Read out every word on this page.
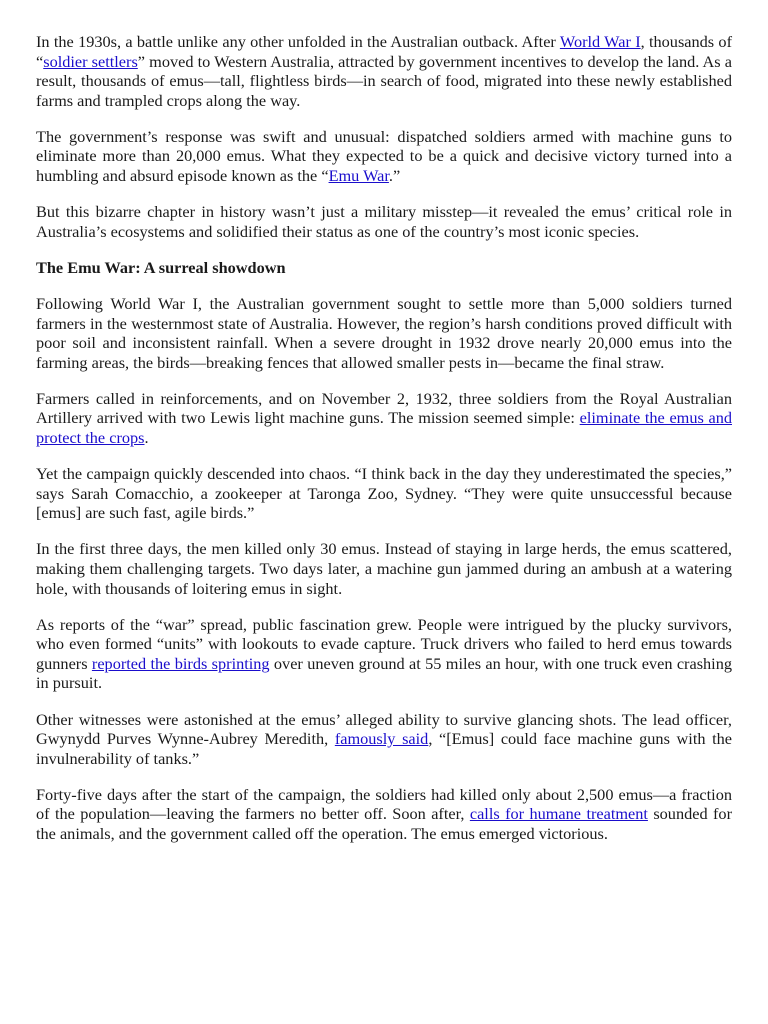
In the 1930s, a battle unlike any other unfolded in the Australian outback. After World War I, thousands of “soldier settlers” moved to Western Australia, attracted by government incentives to develop the land. As a result, thousands of emus—tall, flightless birds—in search of food, migrated into these newly established farms and trampled crops along the way.

The government’s response was swift and unusual: dispatched soldiers armed with machine guns to eliminate more than 20,000 emus. What they expected to be a quick and decisive victory turned into a humbling and absurd episode known as the “Emu War.”

But this bizarre chapter in history wasn’t just a military misstep—it revealed the emus’ critical role in Australia’s ecosystems and solidified their status as one of the country’s most iconic species.

The Emu War: A surreal showdown

Following World War I, the Australian government sought to settle more than 5,000 soldiers turned farmers in the westernmost state of Australia. However, the region’s harsh conditions proved difficult with poor soil and inconsistent rainfall. When a severe drought in 1932 drove nearly 20,000 emus into the farming areas, the birds—breaking fences that allowed smaller pests in—became the final straw.

Farmers called in reinforcements, and on November 2, 1932, three soldiers from the Royal Australian Artillery arrived with two Lewis light machine guns. The mission seemed simple: eliminate the emus and protect the crops.

Yet the campaign quickly descended into chaos. “I think back in the day they underestimated the species,” says Sarah Comacchio, a zookeeper at Taronga Zoo, Sydney. “They were quite unsuccessful because [emus] are such fast, agile birds.”

In the first three days, the men killed only 30 emus. Instead of staying in large herds, the emus scattered, making them challenging targets. Two days later, a machine gun jammed during an ambush at a watering hole, with thousands of loitering emus in sight.

As reports of the “war” spread, public fascination grew. People were intrigued by the plucky survivors, who even formed “units” with lookouts to evade capture. Truck drivers who failed to herd emus towards gunners reported the birds sprinting over uneven ground at 55 miles an hour, with one truck even crashing in pursuit.

Other witnesses were astonished at the emus’ alleged ability to survive glancing shots. The lead officer, Gwynydd Purves Wynne-Aubrey Meredith, famously said, “[Emus] could face machine guns with the invulnerability of tanks.”

Forty-five days after the start of the campaign, the soldiers had killed only about 2,500 emus—a fraction of the population—leaving the farmers no better off. Soon after, calls for humane treatment sounded for the animals, and the government called off the operation. The emus emerged victorious.
